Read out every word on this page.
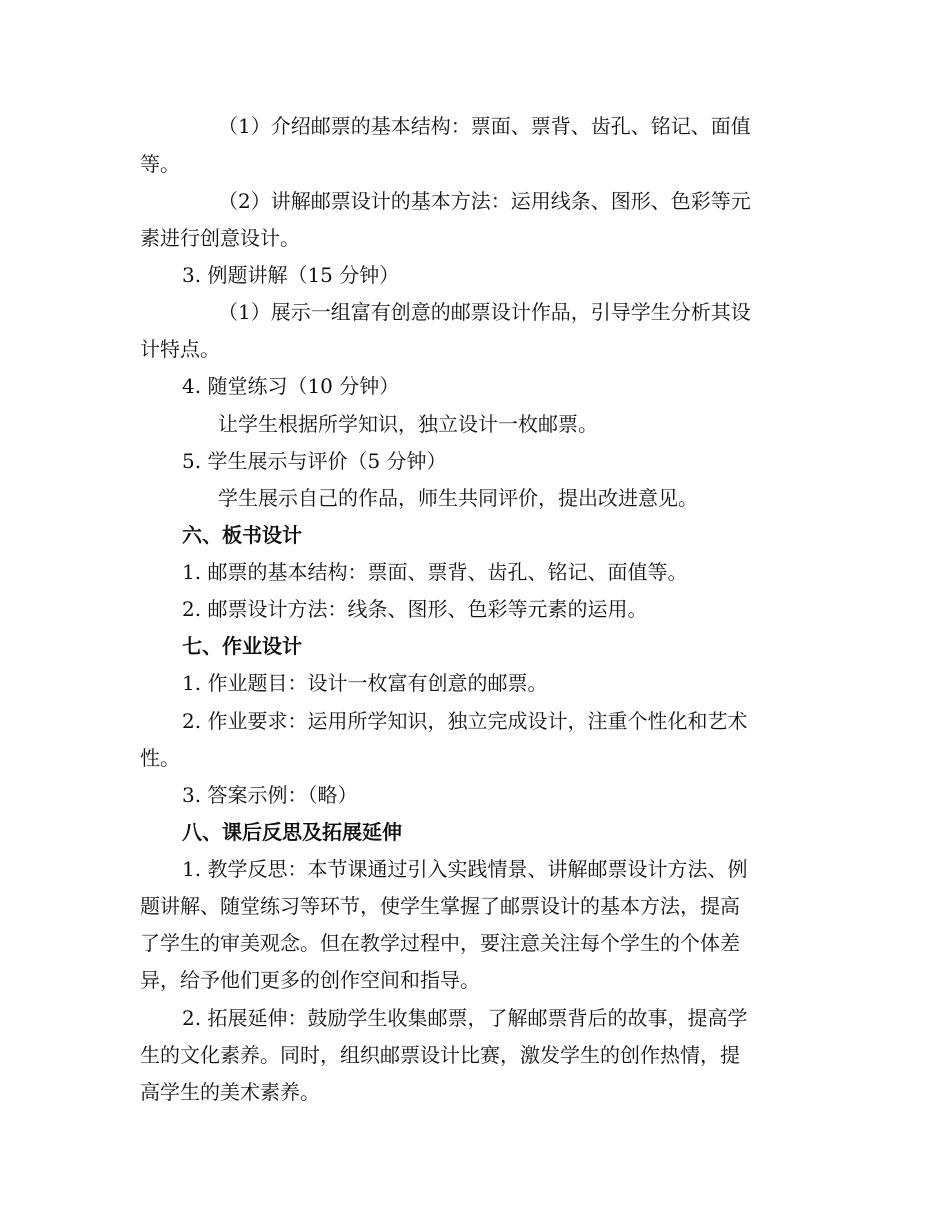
（1）介绍邮票的基本结构：票面、票背、齿孔、铭记、面值
等。
（2）讲解邮票设计的基本方法：运用线条、图形、色彩等元
素进行创意设计。
3. 例题讲解（15 分钟）
（1）展示一组富有创意的邮票设计作品，引导学生分析其设
计特点。
4. 随堂练习（10 分钟）
让学生根据所学知识，独立设计一枚邮票。
5. 学生展示与评价（5 分钟）
学生展示自己的作品，师生共同评价，提出改进意见。
六、板书设计
1. 邮票的基本结构：票面、票背、齿孔、铭记、面值等。
2. 邮票设计方法：线条、图形、色彩等元素的运用。
七、作业设计
1. 作业题目：设计一枚富有创意的邮票。
2. 作业要求：运用所学知识，独立完成设计，注重个性化和艺术
性。
3. 答案示例：（略）
八、课后反思及拓展延伸
1. 教学反思：本节课通过引入实践情景、讲解邮票设计方法、例
题讲解、随堂练习等环节，使学生掌握了邮票设计的基本方法，提高
了学生的审美观念。但在教学过程中，要注意关注每个学生的个体差
异，给予他们更多的创作空间和指导。
2. 拓展延伸：鼓励学生收集邮票，了解邮票背后的故事，提高学
生的文化素养。同时，组织邮票设计比赛，激发学生的创作热情，提
高学生的美术素养。
